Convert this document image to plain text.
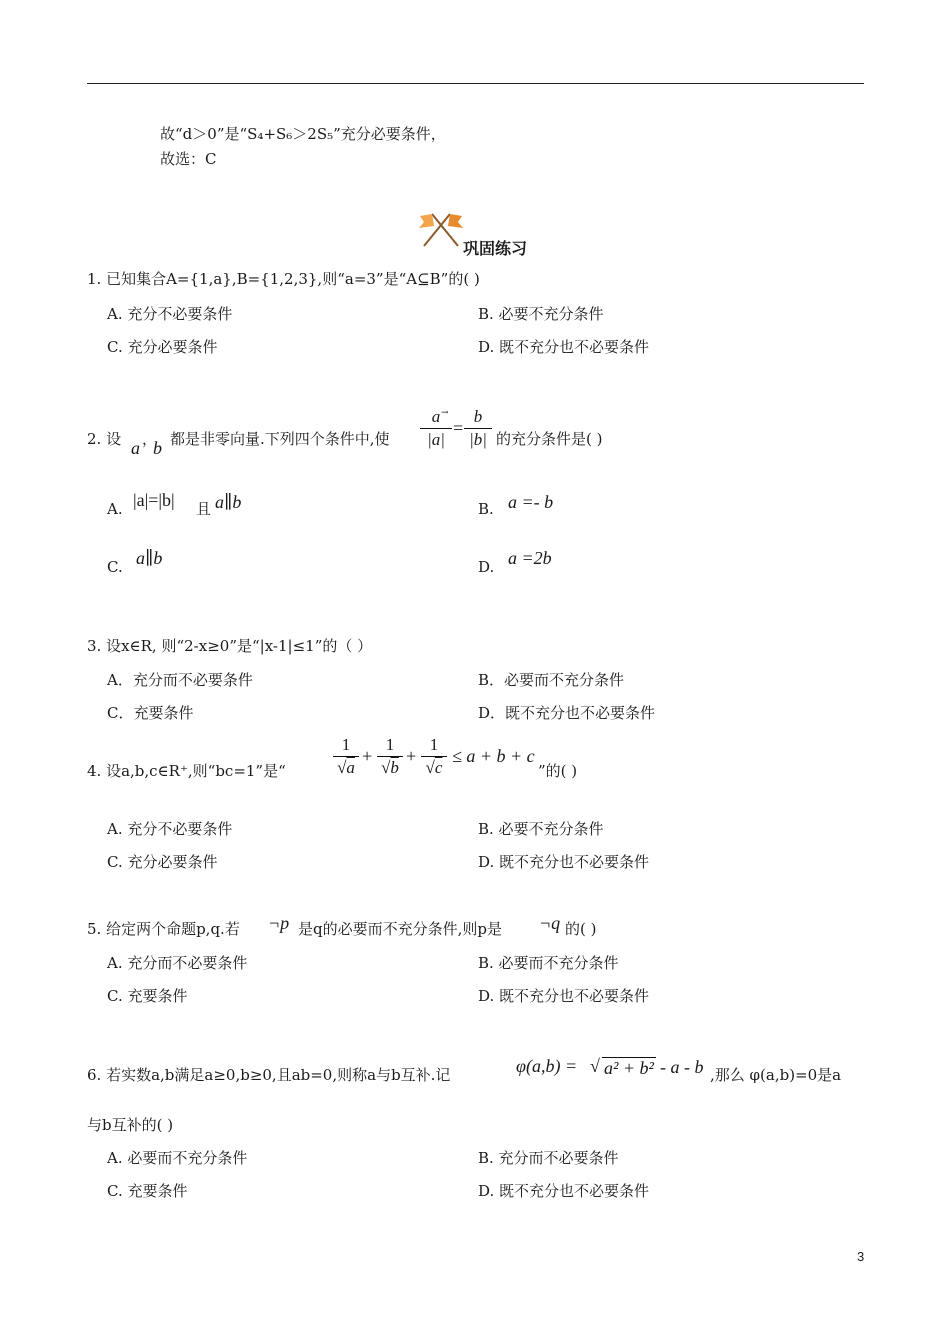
故“d＞0”是“S₄+S₆＞2S₅”充分必要条件，
故选：C
巩固练习
1. 已知集合A={1,a},B={1,2,3},则“a=3”是“A⊆B”的( )
A. 充分不必要条件	B. 必要不充分条件
C. 充分必要条件	D. 既不充分也不必要条件
2. 设 a ，
b 都是非零向量.下列四个条件中,使
a
|a|
→
=
b
|b| 的充分条件是( )
A. |a|=|b| 且 a∥b	B. a =- b
C. a∥b	D. a =2b
3. 设x∈R, 则“2-x≥0”是“|x-1|≤1”的（ ）
A．充分而不必要条件	B．必要而不充分条件
C．充要条件	D．既不充分也不必要条件
4. 设a,b,c∈R⁺,则“bc=1”是“
1
√a
+
1
√b
+
1
√c
≤ a + b + c
”的( )
A. 充分不必要条件	B. 必要不充分条件
C. 充分必要条件	D. 既不充分也不必要条件
5. 给定两个命题p,q.若 ¬p 是q的必要而不充分条件,则p是 ¬q 的( )
A. 充分而不必要条件	B. 必要而不充分条件
C. 充要条件	D. 既不充分也不必要条件
6. 若实数a,b满足a≥0,b≥0,且ab=0,则称a与b互补.记	φ(a,b) = √ a² + b² - a - b ,那么 φ(a,b)=0是a
与b互补的( )
A. 必要而不充分条件	B. 充分而不必要条件
C. 充要条件	D. 既不充分也不必要条件
3
